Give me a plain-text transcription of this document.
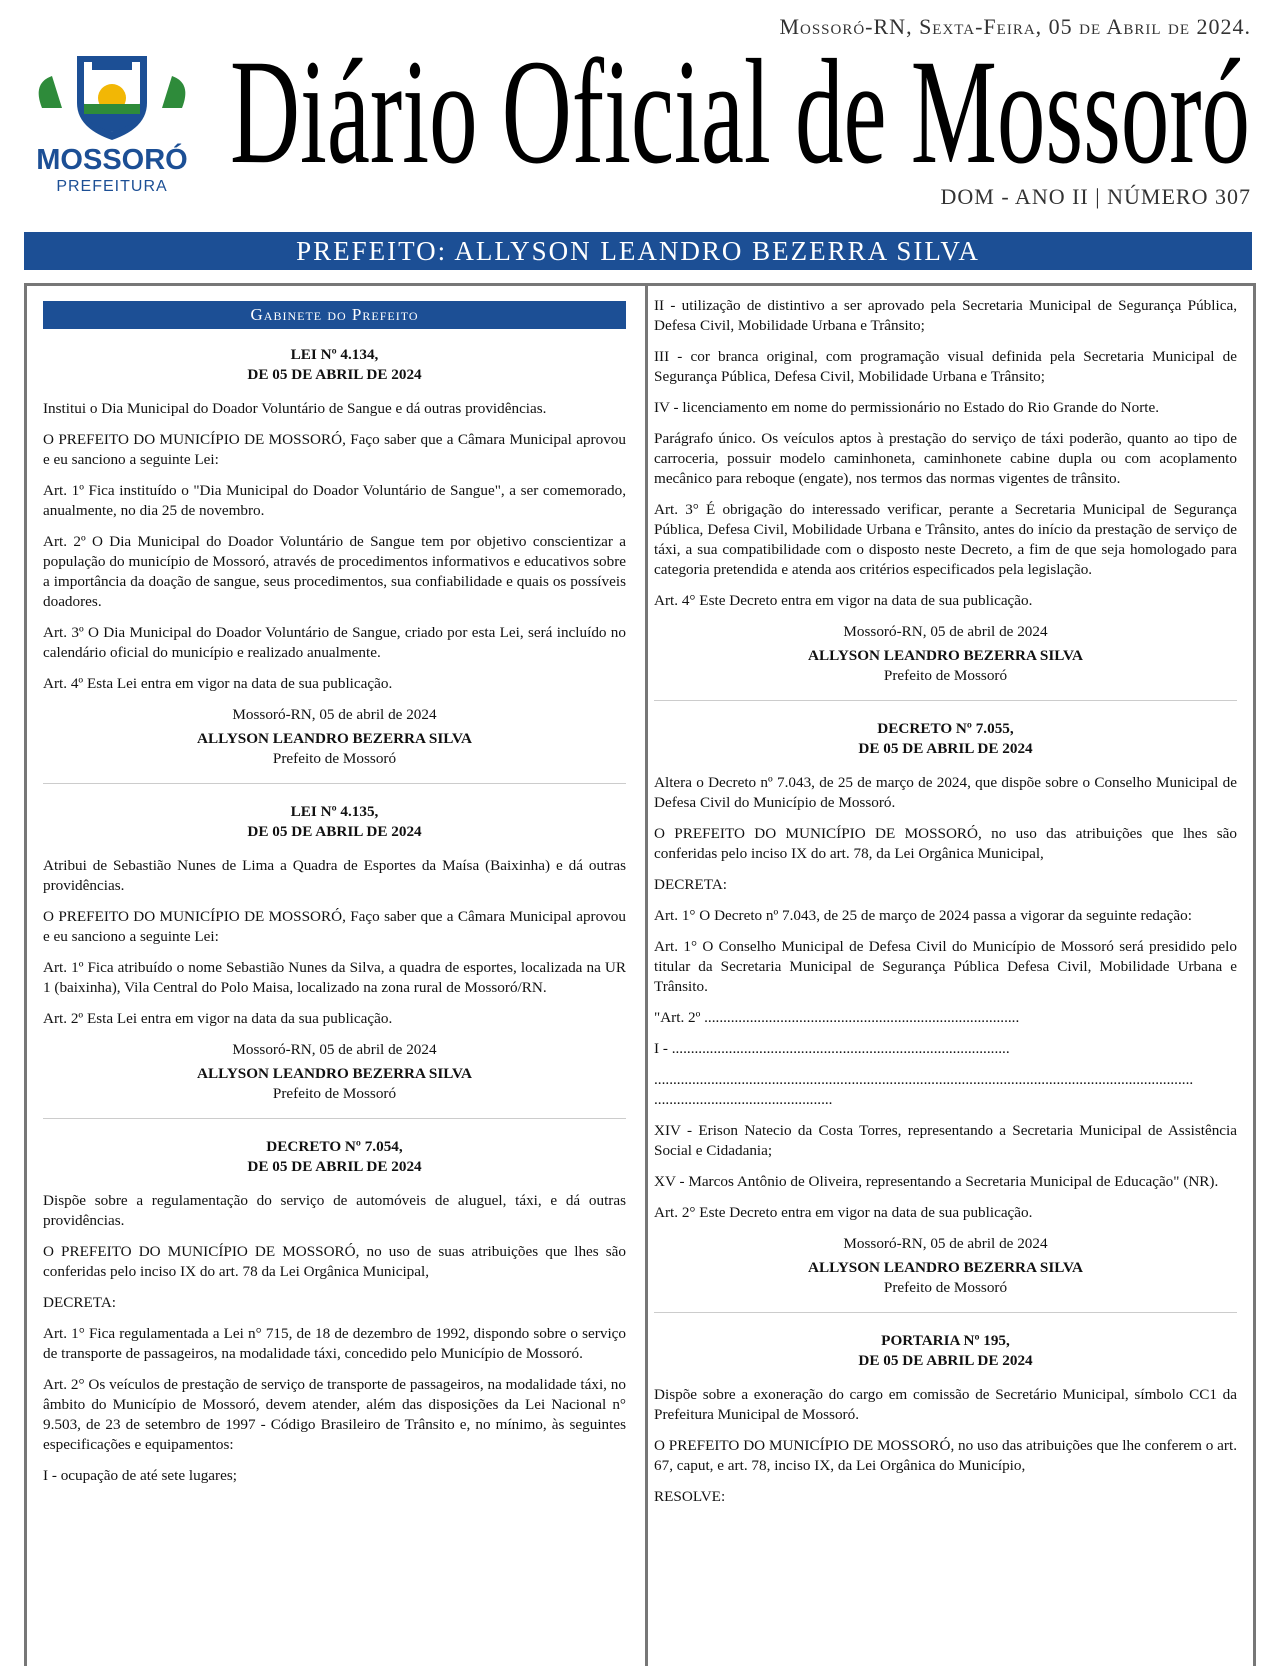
MOSSORÓ
PREFEITURA
Mossoró-RN, Sexta-Feira, 05 de Abril de 2024.
Diário Oficial de Mossoró
DOM - ANO II | NÚMERO 307
PREFEITO: ALLYSON LEANDRO BEZERRA SILVA
Gabinete do Prefeito
LEI Nº 4.134,
DE 05 DE ABRIL DE 2024

Institui o Dia Municipal do Doador Voluntário de Sangue e dá outras providências.

O PREFEITO DO MUNICÍPIO DE MOSSORÓ, Faço saber que a Câmara Municipal aprovou e eu sanciono a seguinte Lei:

Art. 1º Fica instituído o "Dia Municipal do Doador Voluntário de Sangue", a ser comemorado, anualmente, no dia 25 de novembro.

Art. 2º O Dia Municipal do Doador Voluntário de Sangue tem por objetivo conscientizar a população do município de Mossoró, através de procedimentos informativos e educativos sobre a importância da doação de sangue, seus procedimentos, sua confiabilidade e quais os possíveis doadores.

Art. 3º O Dia Municipal do Doador Voluntário de Sangue, criado por esta Lei, será incluído no calendário oficial do município e realizado anualmente.

Art. 4º Esta Lei entra em vigor na data de sua publicação.

Mossoró-RN, 05 de abril de 2024
ALLYSON LEANDRO BEZERRA SILVA
Prefeito de Mossoró
LEI Nº 4.135,
DE 05 DE ABRIL DE 2024

Atribui de Sebastião Nunes de Lima a Quadra de Esportes da Maísa (Baixinha) e dá outras providências.

O PREFEITO DO MUNICÍPIO DE MOSSORÓ, Faço saber que a Câmara Municipal aprovou e eu sanciono a seguinte Lei:

Art. 1º Fica atribuído o nome Sebastião Nunes da Silva, a quadra de esportes, localizada na UR 1 (baixinha), Vila Central do Polo Maisa, localizado na zona rural de Mossoró/RN.

Art. 2º Esta Lei entra em vigor na data da sua publicação.

Mossoró-RN, 05 de abril de 2024
ALLYSON LEANDRO BEZERRA SILVA
Prefeito de Mossoró
DECRETO Nº 7.054,
DE 05 DE ABRIL DE 2024

Dispõe sobre a regulamentação do serviço de automóveis de aluguel, táxi, e dá outras providências.

O PREFEITO DO MUNICÍPIO DE MOSSORÓ, no uso de suas atribuições que lhes são conferidas pelo inciso IX do art. 78 da Lei Orgânica Municipal,

DECRETA:

Art. 1° Fica regulamentada a Lei n° 715, de 18 de dezembro de 1992, dispondo sobre o serviço de transporte de passageiros, na modalidade táxi, concedido pelo Município de Mossoró.

Art. 2° Os veículos de prestação de serviço de transporte de passageiros, na modalidade táxi, no âmbito do Município de Mossoró, devem atender, além das disposições da Lei Nacional n° 9.503, de 23 de setembro de 1997 - Código Brasileiro de Trânsito e, no mínimo, às seguintes especificações e equipamentos:

I - ocupação de até sete lugares;

II - utilização de distintivo a ser aprovado pela Secretaria Municipal de Segurança Pública, Defesa Civil, Mobilidade Urbana e Trânsito;

III - cor branca original, com programação visual definida pela Secretaria Municipal de Segurança Pública, Defesa Civil, Mobilidade Urbana e Trânsito;

IV - licenciamento em nome do permissionário no Estado do Rio Grande do Norte.

Parágrafo único. Os veículos aptos à prestação do serviço de táxi poderão, quanto ao tipo de carroceria, possuir modelo caminhoneta, caminhonete cabine dupla ou com acoplamento mecânico para reboque (engate), nos termos das normas vigentes de trânsito.

Art. 3° É obrigação do interessado verificar, perante a Secretaria Municipal de Segurança Pública, Defesa Civil, Mobilidade Urbana e Trânsito, antes do início da prestação de serviço de táxi, a sua compatibilidade com o disposto neste Decreto, a fim de que seja homologado para categoria pretendida e atenda aos critérios especificados pela legislação.

Art. 4° Este Decreto entra em vigor na data de sua publicação.

Mossoró-RN, 05 de abril de 2024
ALLYSON LEANDRO BEZERRA SILVA
Prefeito de Mossoró
DECRETO Nº 7.055,
DE 05 DE ABRIL DE 2024

Altera o Decreto nº 7.043, de 25 de março de 2024, que dispõe sobre o Conselho Municipal de Defesa Civil do Município de Mossoró.

O PREFEITO DO MUNICÍPIO DE MOSSORÓ, no uso das atribuições que lhes são conferidas pelo inciso IX do art. 78, da Lei Orgânica Municipal,

DECRETA:

Art. 1° O Decreto nº 7.043, de 25 de março de 2024 passa a vigorar da seguinte redação:

Art. 1° O Conselho Municipal de Defesa Civil do Município de Mossoró será presidido pelo titular da Secretaria Municipal de Segurança Pública Defesa Civil, Mobilidade Urbana e Trânsito.

"Art. 2º ...................................................................................

I - .........................................................................................

..............................................................................................................................................

...............................................

XIV - Erison Natecio da Costa Torres, representando a Secretaria Municipal de Assistência Social e Cidadania;

XV - Marcos Antônio de Oliveira, representando a Secretaria Municipal de Educação" (NR).

Art. 2° Este Decreto entra em vigor na data de sua publicação.

Mossoró-RN, 05 de abril de 2024
ALLYSON LEANDRO BEZERRA SILVA
Prefeito de Mossoró
PORTARIA Nº 195,
DE 05 DE ABRIL DE 2024

Dispõe sobre a exoneração do cargo em comissão de Secretário Municipal, símbolo CC1 da Prefeitura Municipal de Mossoró.

O PREFEITO DO MUNICÍPIO DE MOSSORÓ, no uso das atribuições que lhe conferem o art. 67, caput, e art. 78, inciso IX, da Lei Orgânica do Município,

RESOLVE:
